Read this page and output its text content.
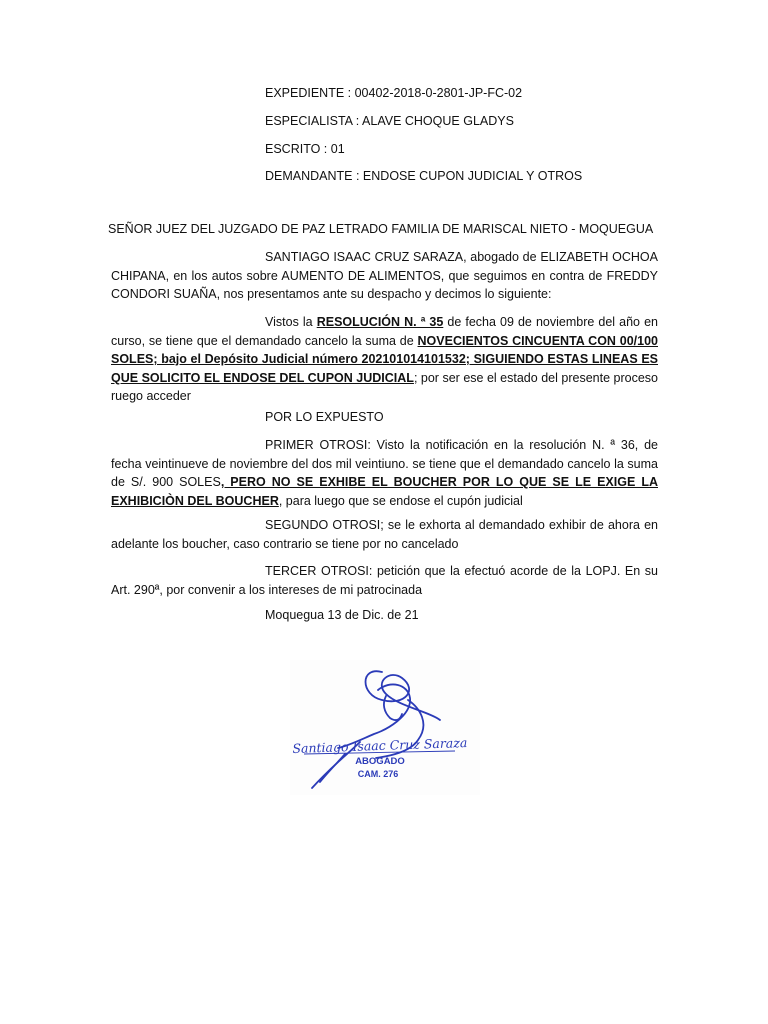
EXPEDIENTE : 00402-2018-0-2801-JP-FC-02
ESPECIALISTA : ALAVE CHOQUE GLADYS
ESCRITO : 01
DEMANDANTE : ENDOSE CUPON JUDICIAL Y OTROS
SEÑOR JUEZ DEL JUZGADO DE PAZ LETRADO FAMILIA DE MARISCAL NIETO - MOQUEGUA
SANTIAGO ISAAC CRUZ SARAZA, abogado de ELIZABETH OCHOA CHIPANA, en los autos sobre AUMENTO DE ALIMENTOS, que seguimos en contra de FREDDY CONDORI SUAÑA, nos presentamos ante su despacho y decimos lo siguiente:
Vistos la RESOLUCIÓN N. ª 35 de fecha 09 de noviembre del año en curso, se tiene que el demandado cancelo la suma de NOVECIENTOS CINCUENTA CON 00/100 SOLES; bajo el Depósito Judicial número 202101014101532; SIGUIENDO ESTAS LINEAS ES QUE SOLICITO EL ENDOSE DEL CUPON JUDICIAL; por ser ese el estado del presente proceso ruego acceder
POR LO EXPUESTO
PRIMER OTROSI: Visto la notificación en la resolución N. ª 36, de fecha veintinueve de noviembre del dos mil veintiuno. se tiene que el demandado cancelo la suma de S/. 900 SOLES, PERO NO SE EXHIBE EL BOUCHER POR LO QUE SE LE EXIGE LA EXHIBICIÒN DEL BOUCHER, para luego que se endose el cupón judicial
SEGUNDO OTROSI; se le exhorta al demandado exhibir de ahora en adelante los boucher, caso contrario se tiene por no cancelado
TERCER OTROSI: petición que la efectuó acorde de la LOPJ. En su Art. 290ª, por convenir a los intereses de mi patrocinada
Moquegua 13 de Dic. de 21
Santiago Isaac Cruz Saraza
ABOGADO
CAM. 276
